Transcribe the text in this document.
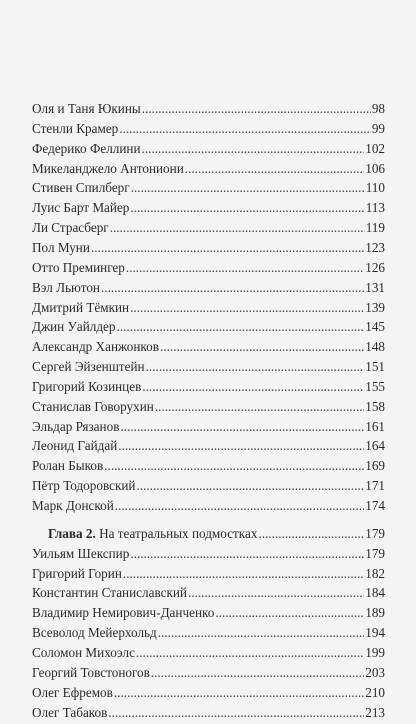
Оля и Таня Юкины .....	98
Стенли Крамер .....	99
Федерико Феллини .....	102
Микеланджело Антониони .....	106
Стивен Спилберг .....	110
Луис Барт Майер .....	113
Ли Страсберг .....	119
Пол Муни .....	123
Отто Премингер .....	126
Вэл Льютон .....	131
Дмитрий Тёмкин .....	139
Джин Уайлдер .....	145
Александр Ханжонков .....	148
Сергей Эйзенштейн .....	151
Григорий Козинцев .....	155
Станислав Говорухин .....	158
Эльдар Рязанов .....	161
Леонид Гайдай .....	164
Ролан Быков .....	169
Пётр Тодоровский .....	171
Марк Донской .....	174
Глава 2. На театральных подмостках .....	179
Уильям Шекспир .....	179
Григорий Горин .....	182
Константин Станиславский .....	184
Владимир Немирович-Данченко .....	189
Всеволод Мейерхольд .....	194
Соломон Михоэлс .....	199
Георгий Товстоногов .....	203
Олег Ефремов .....	210
Олег Табаков .....	213
